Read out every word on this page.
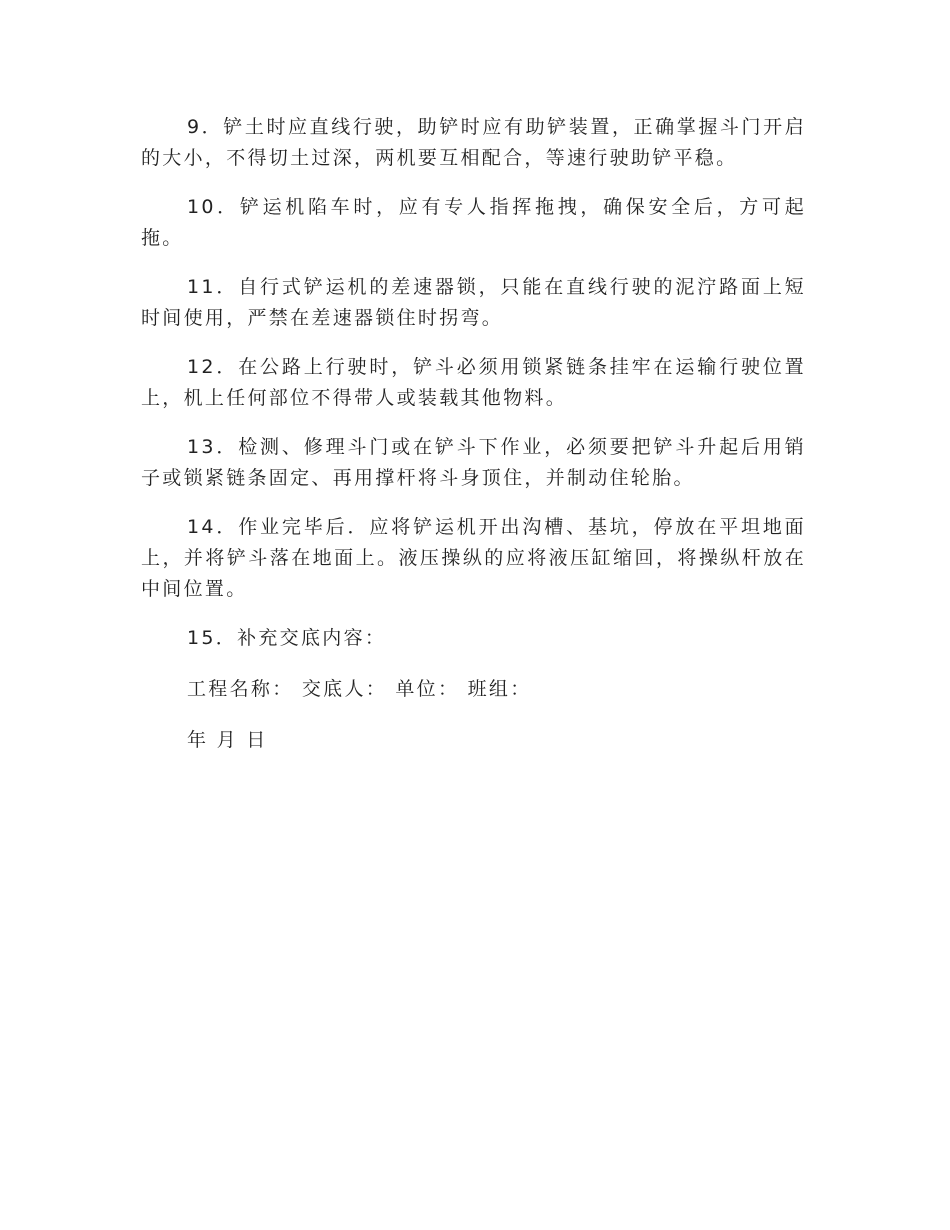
9．铲土时应直线行驶，助铲时应有助铲装置，正确掌握斗门开启的大小，不得切土过深，两机要互相配合，等速行驶助铲平稳。

10．铲运机陷车时，应有专人指挥拖拽，确保安全后，方可起拖。

11．自行式铲运机的差速器锁，只能在直线行驶的泥泞路面上短时间使用，严禁在差速器锁住时拐弯。

12．在公路上行驶时，铲斗必须用锁紧链条挂牢在运输行驶位置上，机上任何部位不得带人或装载其他物料。

13．检测、修理斗门或在铲斗下作业，必须要把铲斗升起后用销子或锁紧链条固定、再用撑杆将斗身顶住，并制动住轮胎。

14．作业完毕后．应将铲运机开出沟槽、基坑，停放在平坦地面上，并将铲斗落在地面上。液压操纵的应将液压缸缩回，将操纵杆放在中间位置。

15．补充交底内容：

工程名称： 交底人： 单位： 班组：

年 月 日
